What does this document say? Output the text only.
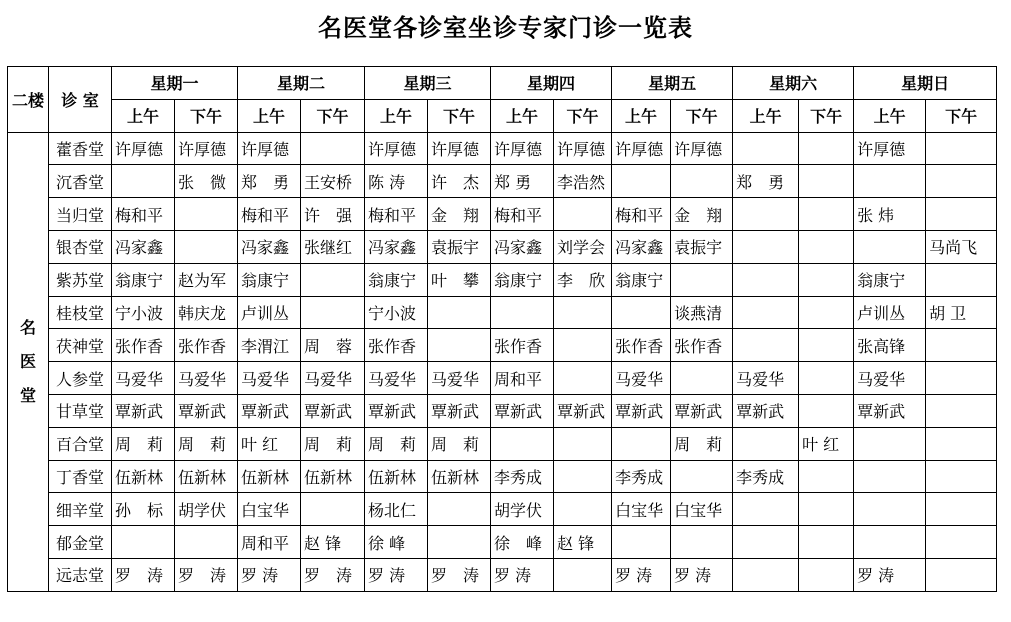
名医堂各诊室坐诊专家门诊一览表
二楼	诊 室	星期一		星期二		星期三		星期四		星期五		星期六		星期日	
		上午	下午	上午	下午	上午	下午	上午	下午	上午	下午	上午	下午	上午	下午

名
医
堂	藿香堂	许厚德	许厚德	许厚德		许厚德	许厚德	许厚德	许厚德	许厚德	许厚德			许厚德	
	沉香堂		张　微	郑　勇	王安桥	陈 涛	许　杰	郑 勇	李浩然			郑　勇			
	当归堂	梅和平		梅和平	许　强	梅和平	金　翔	梅和平		梅和平	金　翔			张 炜	
	银杏堂	冯家鑫		冯家鑫	张继红	冯家鑫	袁振宇	冯家鑫	刘学会	冯家鑫	袁振宇				马尚飞
	紫苏堂	翁康宁	赵为军	翁康宁		翁康宁	叶　攀	翁康宁	李　欣	翁康宁				翁康宁	
	桂枝堂	宁小波	韩庆龙	卢训丛		宁小波					谈燕清			卢训丛	胡 卫
	茯神堂	张作香	张作香	李渭江	周　蓉	张作香		张作香		张作香	张作香			张高锋	
	人参堂	马爱华	马爱华	马爱华	马爱华	马爱华	马爱华	周和平		马爱华		马爱华		马爱华	
	甘草堂	覃新武	覃新武	覃新武	覃新武	覃新武	覃新武	覃新武	覃新武	覃新武	覃新武	覃新武		覃新武	
	百合堂	周　莉	周　莉	叶 红	周　莉	周　莉	周　莉				周　莉		叶 红		
	丁香堂	伍新林	伍新林	伍新林	伍新林	伍新林	伍新林	李秀成		李秀成		李秀成			
	细辛堂	孙　标	胡学伏	白宝华		杨北仁		胡学伏		白宝华	白宝华				
	郁金堂			周和平	赵 锋	徐 峰		徐　峰	赵 锋						
	远志堂	罗　涛	罗　涛	罗 涛	罗　涛	罗 涛	罗　涛	罗 涛		罗 涛	罗 涛			罗 涛	
